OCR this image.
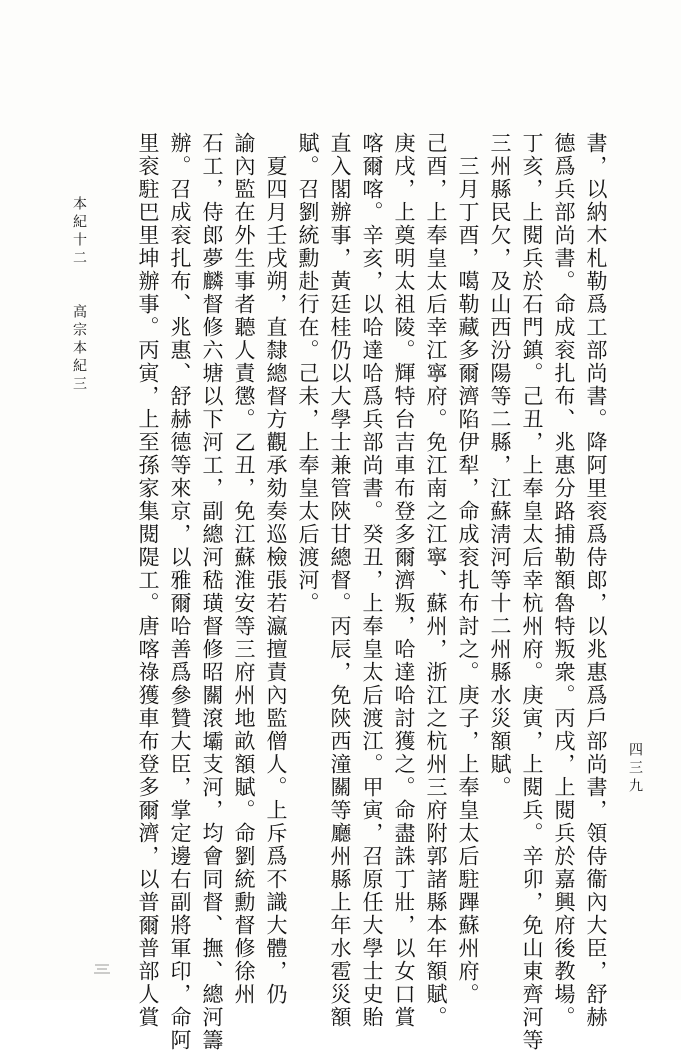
本紀十二
高宗本紀三	書，以納木札勒爲工部尚書。降阿里衮爲侍郎，以兆惠爲戶部尚書，領侍衞內大臣，舒赫
德爲兵部尚書。命成衮扎布、兆惠分路捕勒額魯特叛衆。丙戌，上閱兵於嘉興府後教場。
丁亥，上閱兵於石門鎮。己丑，上奉皇太后幸杭州府。庚寅，上閱兵。辛卯，免山東齊河等
三州縣民欠，及山西汾陽等二縣，江蘇淸河等十二州縣水災額賦。
　三月丁酉，噶勒藏多爾濟陷伊犁，命成衮扎布討之。庚子，上奉皇太后駐蹕蘇州府。
己酉，上奉皇太后幸江寧府。免江南之江寧、蘇州，浙江之杭州三府附郭諸縣本年額賦。
庚戌，上奠明太祖陵。輝特台吉車布登多爾濟叛，哈達哈討獲之。命盡誅丁壯，以女口賞
喀爾喀。辛亥，以哈達哈爲兵部尚書。癸丑，上奉皇太后渡江。甲寅，召原任大學士史貽
直入閣辦事，黃廷桂仍以大學士兼管陝甘總督。丙辰，免陝西潼關等廳州縣上年水雹災額
賦。召劉統勳赴行在。己未，上奉皇太后渡河。
　夏四月壬戌朔，直隸總督方觀承劾奏巡檢張若瀛擅責內監僧人。上斥爲不識大體，仍
諭內監在外生事者聽人責懲。乙丑，免江蘇淮安等三府州地畝額賦。命劉統勳督修徐州
石工，侍郎夢麟督修六塘以下河工，副總河嵇璜督修昭關滾壩支河，均會同督、撫、總河籌
辦。召成衮扎布、兆惠、舒赫德等來京，以雅爾哈善爲參贊大臣，掌定邊右副將軍印，命阿
里衮駐巴里坤辦事。丙寅，上至孫家集閱隄工。唐喀祿獲車布登多爾濟，以普爾普部人賞	四三九
